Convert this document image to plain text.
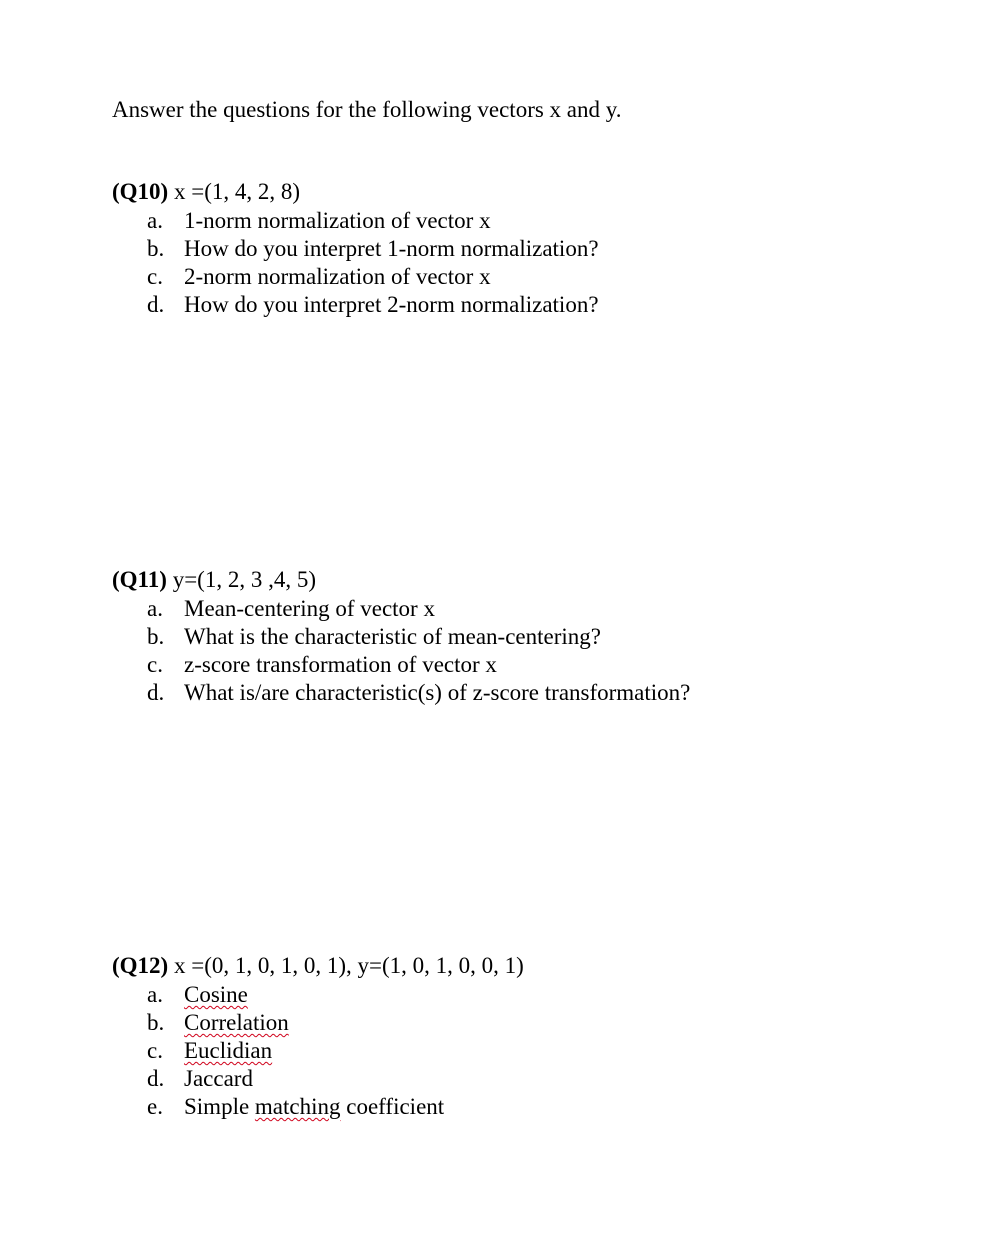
Answer the questions for the following vectors x and y.
(Q10) x =(1, 4, 2, 8)
a. 1-norm normalization of vector x
b. How do you interpret 1-norm normalization?
c. 2-norm normalization of vector x
d. How do you interpret 2-norm normalization?
(Q11) y=(1, 2, 3 ,4, 5)
a. Mean-centering of vector x
b. What is the characteristic of mean-centering?
c. z-score transformation of vector x
d. What is/are characteristic(s) of z-score transformation?
(Q12) x =(0, 1, 0, 1, 0, 1), y=(1, 0, 1, 0, 0, 1)
a. Cosine
b. Correlation
c. Euclidian
d. Jaccard
e. Simple matching coefficient
